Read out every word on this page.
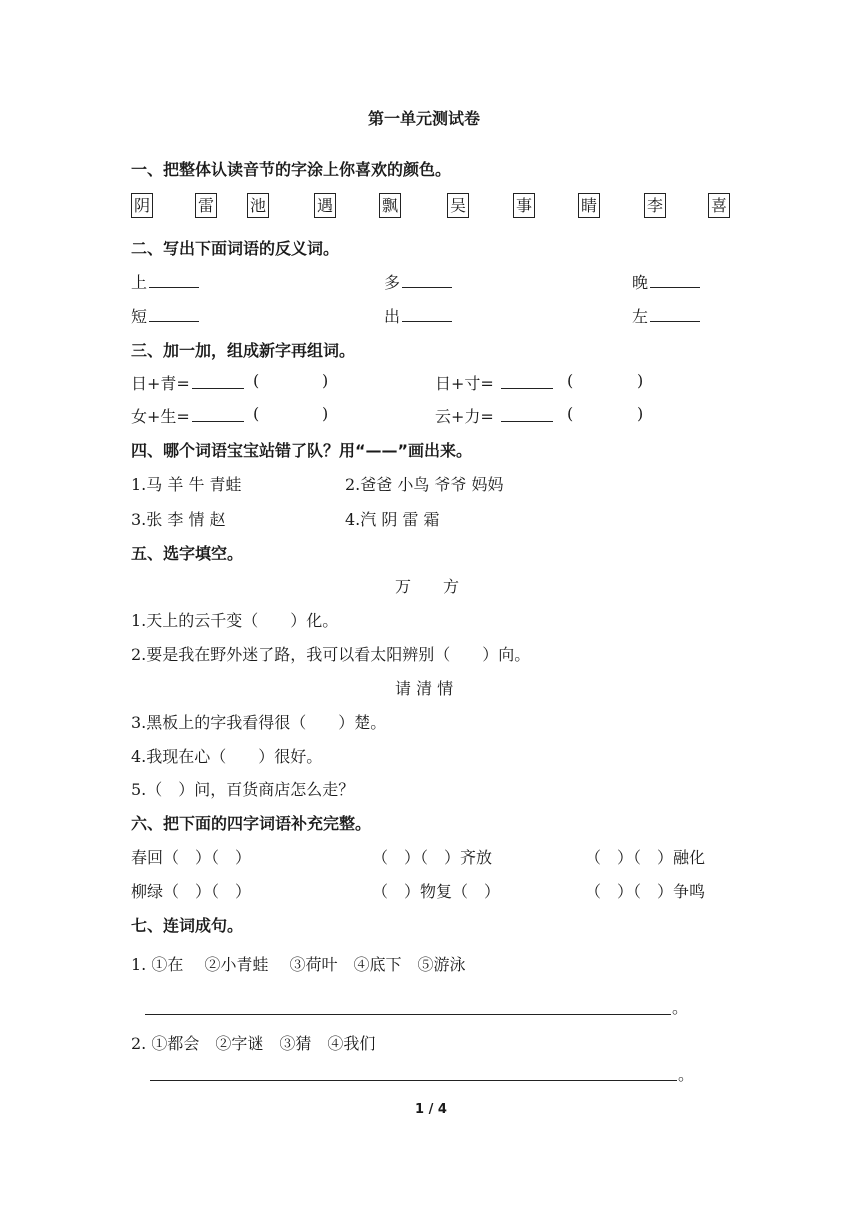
第一单元测试卷
一、把整体认读音节的字涂上你喜欢的颜色。
阴	雷 池	遇	飘	吴	事	睛	李	喜
二、写出下面词语的反义词。
上	多	晚
短	出	左
三、加一加，组成新字再组词。
日+青=	(	)	日+寸=	(	)
女+生=	(	)	云+力=	(	)
四、哪个词语宝宝站错了队？用“——”画出来。
1.马 羊 牛 青蛙	2.爸爸 小鸟 爷爷 妈妈
3.张 李 情 赵	4.汽 阴 雷 霜
五、选字填空。
万　　方
1.天上的云千变（　　）化。
2.要是我在野外迷了路，我可以看太阳辨别（　　）向。
请 清 情
3.黑板上的字我看得很（　　）楚。
4.我现在心（　　）很好。
5.（　）问，百货商店怎么走？
六、把下面的四字词语补充完整。
春回（　）（　）	（　）（　）齐放	（　）（　）融化
柳绿（　）（　）	（　）物复（　）	（　）（　）争鸣
七、连词成句。
1. ①在　 ②小青蛙　 ③荷叶　④底下　⑤游泳
。
2. ①都会　②字谜　③猜　④我们
。
1 / 4
